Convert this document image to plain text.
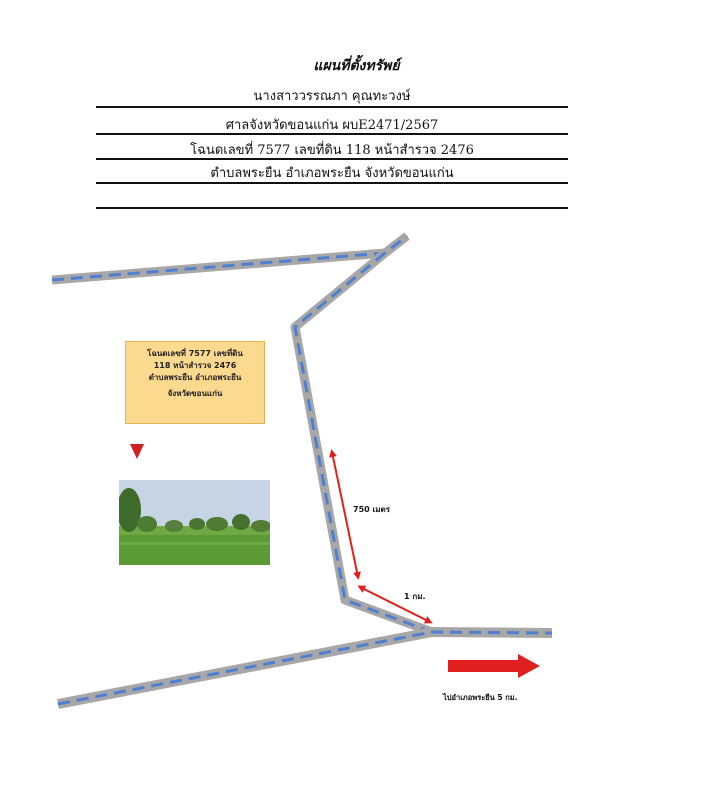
แผนที่ตั้งทรัพย์
นางสาววรรณภา คุณทะวงษ์
ศาลจังหวัดขอนแก่น ผบE2471/2567
โฉนดเลขที่ 7577 เลขที่ดิน 118 หน้าสำรวจ 2476
ตำบลพระยืน อำเภอพระยืน จังหวัดขอนแก่น
โฉนดเลขที่ 7577 เลขที่ดิน
118 หน้าสำรวจ 2476
ตำบลพระยืน อำเภอพระยืน
จังหวัดขอนแก่น
750 เมตร
1 กม.
ไปอำเภอพระยืน 5 กม.
